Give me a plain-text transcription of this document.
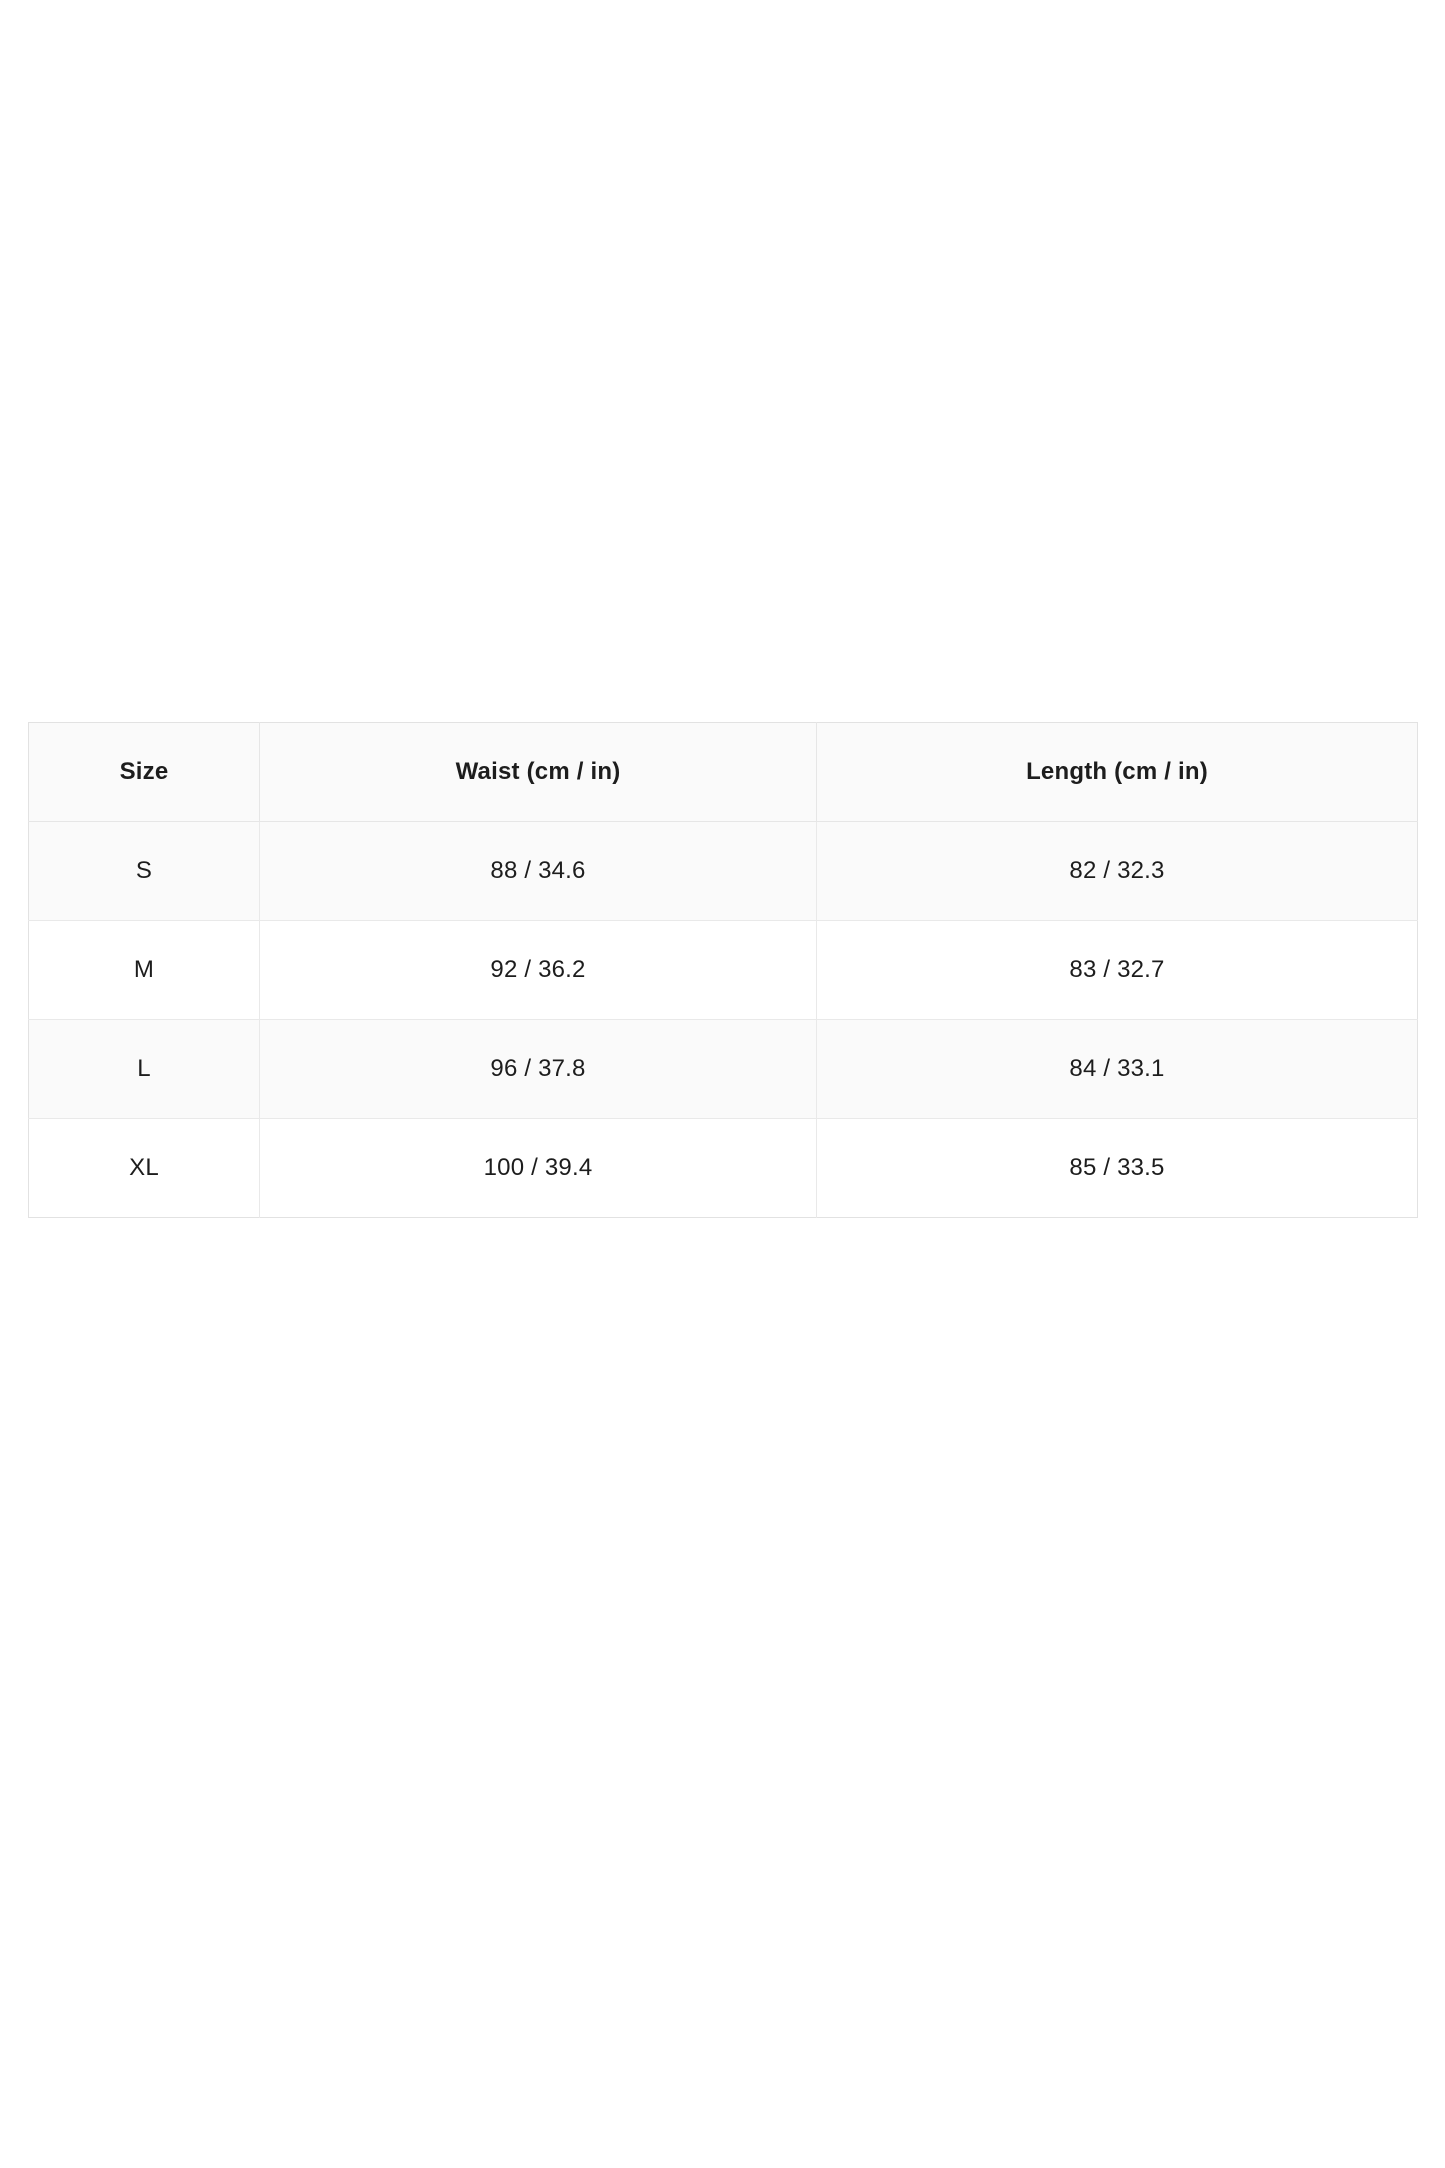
Size	Waist (cm / in)	Length (cm / in)
S	88 / 34.6	82 / 32.3
M	92 / 36.2	83 / 32.7
L	96 / 37.8	84 / 33.1
XL	100 / 39.4	85 / 33.5
